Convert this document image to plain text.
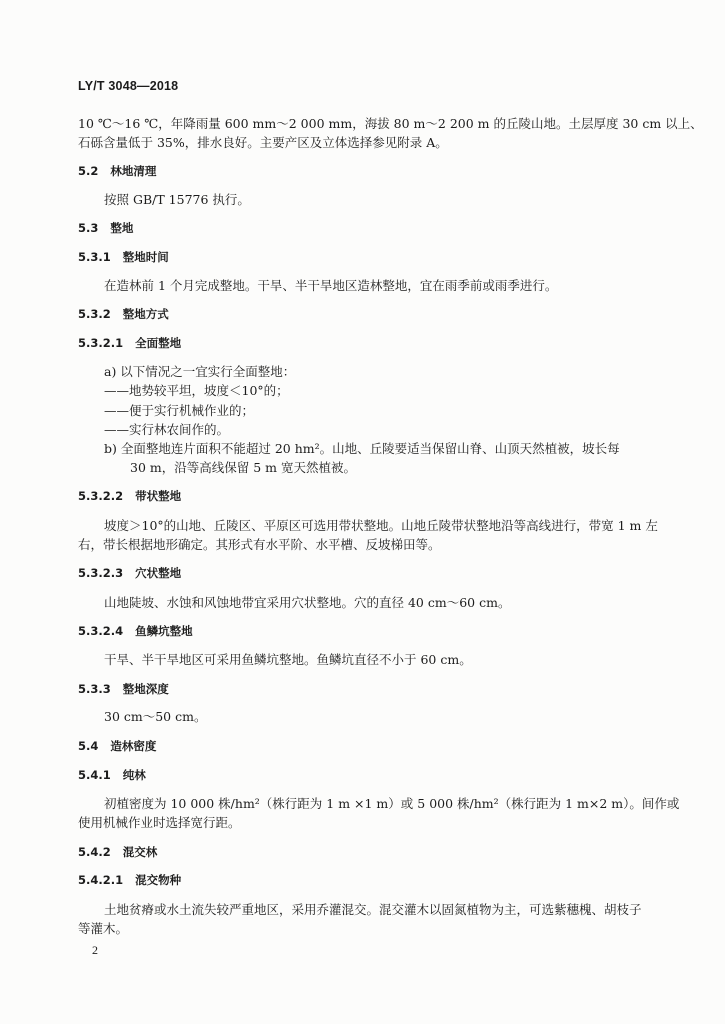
LY/T 3048—2018
10 ℃～16 ℃，年降雨量 600 mm～2 000 mm，海拔 80 m～2 200 m 的丘陵山地。土层厚度 30 cm 以上、
石砾含量低于 35%，排水良好。主要产区及立体选择参见附录 A。
5.2 林地清理
按照 GB/T 15776 执行。
5.3 整地
5.3.1 整地时间
在造林前 1 个月完成整地。干旱、半干旱地区造林整地，宜在雨季前或雨季进行。
5.3.2 整地方式
5.3.2.1 全面整地
a) 以下情况之一宜实行全面整地：
——地势较平坦，坡度＜10°的；
——便于实行机械作业的；
——实行林农间作的。
b) 全面整地连片面积不能超过 20 hm²。山地、丘陵要适当保留山脊、山顶天然植被，坡长每
30 m，沿等高线保留 5 m 宽天然植被。
5.3.2.2 带状整地
坡度＞10°的山地、丘陵区、平原区可选用带状整地。山地丘陵带状整地沿等高线进行，带宽 1 m 左
右，带长根据地形确定。其形式有水平阶、水平槽、反坡梯田等。
5.3.2.3 穴状整地
山地陡坡、水蚀和风蚀地带宜采用穴状整地。穴的直径 40 cm～60 cm。
5.3.2.4 鱼鳞坑整地
干旱、半干旱地区可采用鱼鳞坑整地。鱼鳞坑直径不小于 60 cm。
5.3.3 整地深度
30 cm～50 cm。
5.4 造林密度
5.4.1 纯林
初植密度为 10 000 株/hm²（株行距为 1 m ×1 m）或 5 000 株/hm²（株行距为 1 m×2 m）。间作或
使用机械作业时选择宽行距。
5.4.2 混交林
5.4.2.1 混交物种
土地贫瘠或水土流失较严重地区，采用乔灌混交。混交灌木以固氮植物为主，可选紫穗槐、胡枝子
等灌木。
2
